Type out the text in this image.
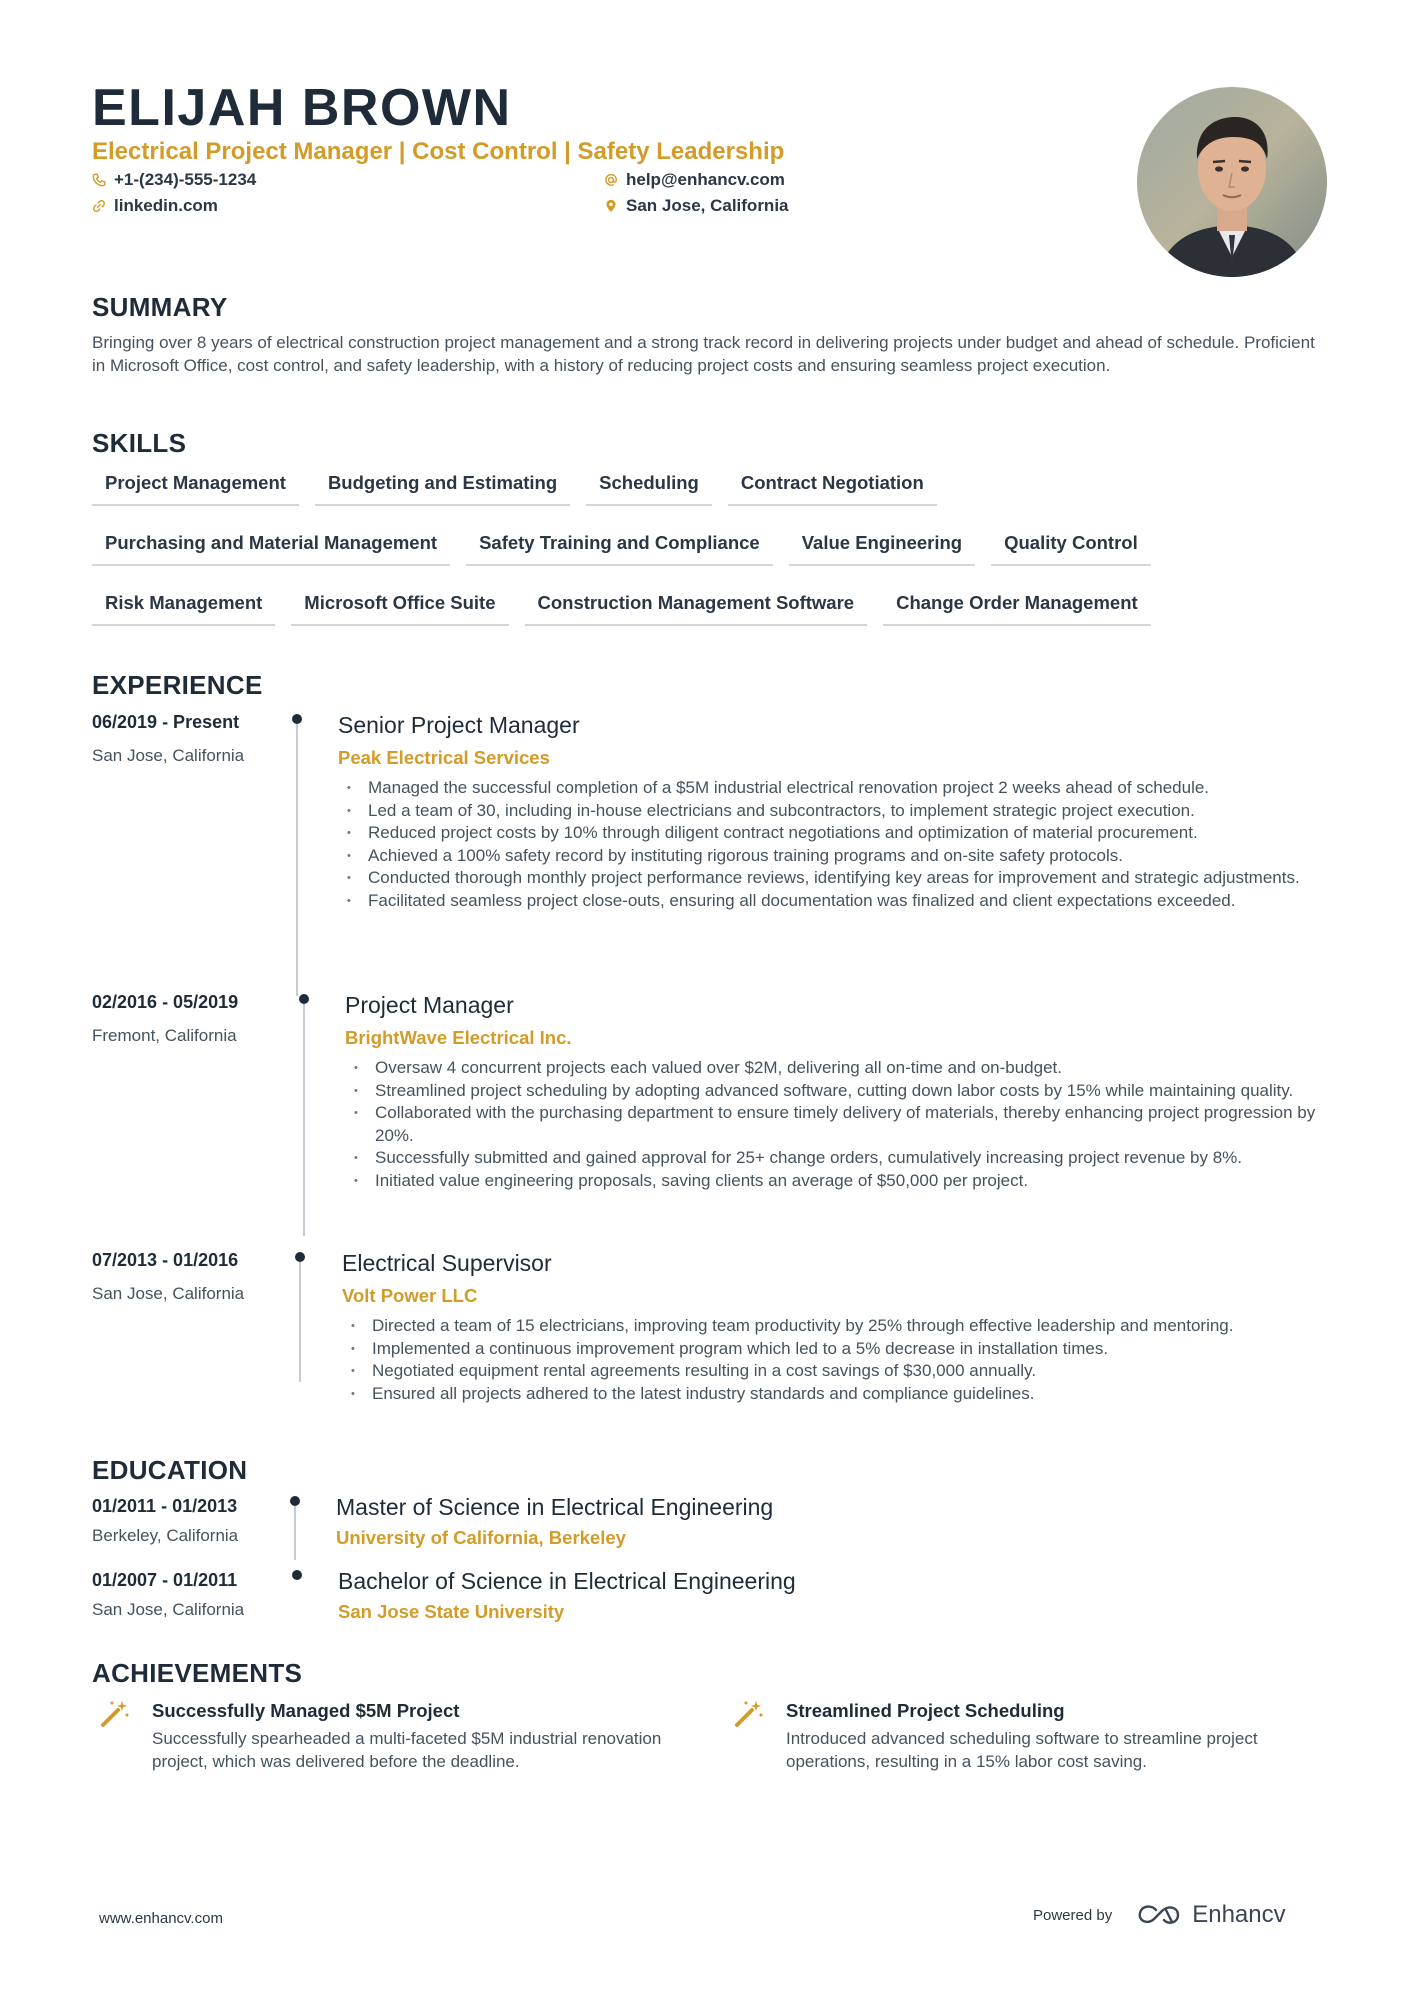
ELIJAH BROWN
Electrical Project Manager | Cost Control | Safety Leadership
+1-(234)-555-1234
linkedin.com
help@enhancv.com
San Jose, California
SUMMARY
Bringing over 8 years of electrical construction project management and a strong track record in delivering projects under budget and ahead of schedule. Proficient in Microsoft Office, cost control, and safety leadership, with a history of reducing project costs and ensuring seamless project execution.
SKILLS
Project Management	Budgeting and Estimating	Scheduling	Contract Negotiation
Purchasing and Material Management	Safety Training and Compliance	Value Engineering	Quality Control
Risk Management	Microsoft Office Suite	Construction Management Software	Change Order Management
EXPERIENCE
06/2019 - Present
San Jose, California
Senior Project Manager
Peak Electrical Services
• Managed the successful completion of a $5M industrial electrical renovation project 2 weeks ahead of schedule.
• Led a team of 30, including in-house electricians and subcontractors, to implement strategic project execution.
• Reduced project costs by 10% through diligent contract negotiations and optimization of material procurement.
• Achieved a 100% safety record by instituting rigorous training programs and on-site safety protocols.
• Conducted thorough monthly project performance reviews, identifying key areas for improvement and strategic adjustments.
• Facilitated seamless project close-outs, ensuring all documentation was finalized and client expectations exceeded.
02/2016 - 05/2019
Fremont, California
Project Manager
BrightWave Electrical Inc.
• Oversaw 4 concurrent projects each valued over $2M, delivering all on-time and on-budget.
• Streamlined project scheduling by adopting advanced software, cutting down labor costs by 15% while maintaining quality.
• Collaborated with the purchasing department to ensure timely delivery of materials, thereby enhancing project progression by 20%.
• Successfully submitted and gained approval for 25+ change orders, cumulatively increasing project revenue by 8%.
• Initiated value engineering proposals, saving clients an average of $50,000 per project.
07/2013 - 01/2016
San Jose, California
Electrical Supervisor
Volt Power LLC
• Directed a team of 15 electricians, improving team productivity by 25% through effective leadership and mentoring.
• Implemented a continuous improvement program which led to a 5% decrease in installation times.
• Negotiated equipment rental agreements resulting in a cost savings of $30,000 annually.
• Ensured all projects adhered to the latest industry standards and compliance guidelines.
EDUCATION
01/2011 - 01/2013
Berkeley, California
Master of Science in Electrical Engineering
University of California, Berkeley
01/2007 - 01/2011
San Jose, California
Bachelor of Science in Electrical Engineering
San Jose State University
ACHIEVEMENTS
Successfully Managed $5M Project
Successfully spearheaded a multi-faceted $5M industrial renovation project, which was delivered before the deadline.
Streamlined Project Scheduling
Introduced advanced scheduling software to streamline project operations, resulting in a 15% labor cost saving.
www.enhancv.com	Powered by	Enhancv
